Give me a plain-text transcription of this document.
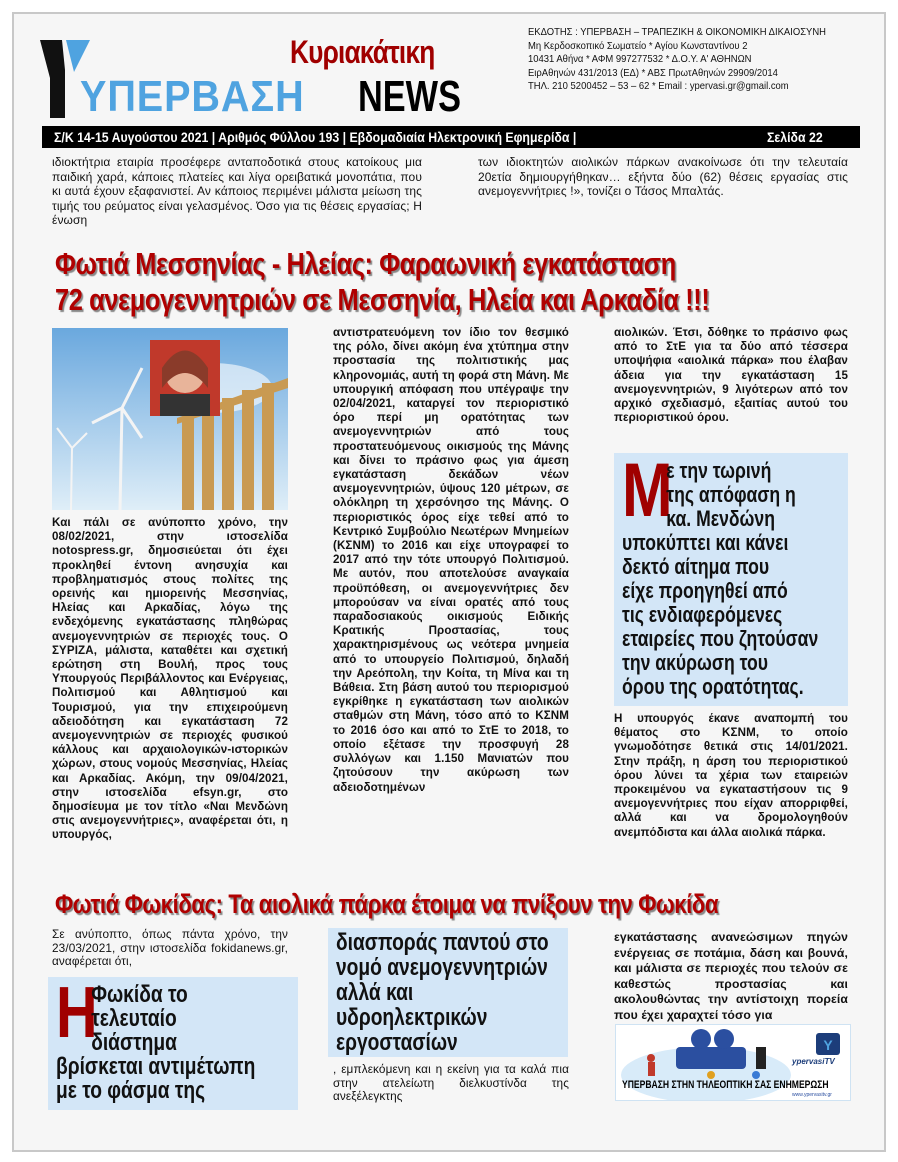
Κυριακάτικη
ΥΠΕΡΒΑΣΗ NEWS
ΕΚΔΟΤΗΣ : ΥΠΕΡΒΑΣΗ – ΤΡΑΠΕΖΙΚΗ & ΟΙΚΟΝΟΜΙΚΗ ΔΙΚΑΙΟΣΥΝΗ
Μη Κερδοσκοπικό Σωματείο * Αγίου Κωνσταντίνου 2
10431 Αθήνα * ΑΦΜ 997277532 * Δ.Ο.Υ. Α' ΑΘΗΝΩΝ
ΕιρΑθηνών 431/2013 (ΕΔ) * ΑΒΣ ΠρωτΑθηνών 29909/2014
ΤΗΛ. 210 5200452 – 53 – 62 * Email : ypervasi.gr@gmail.com
Σ/Κ 14-15 Αυγούστου 2021 | Αριθμός Φύλλου 193 | Εβδομαδιαία Ηλεκτρονική Εφημερίδα |	Σελίδα 22
ιδιοκτήτρια εταιρία προσέφερε ανταποδοτικά στους κατοίκους μια παιδική χαρά, κάποιες πλατείες και λίγα ορειβατικά μονοπάτια, που κι αυτά έχουν εξαφανιστεί. Αν κάποιος περιμένει μάλιστα μείωση της τιμής του ρεύματος είναι γελασμένος. Όσο για τις θέσεις εργασίας; Η ένωση
των ιδιοκτητών αιολικών πάρκων ανακοίνωσε ότι την τελευταία 20ετία δημιουργήθηκαν… εξήντα δύο (62) θέσεις εργασίας στις ανεμογεννήτριες !», τονίζει ο Τάσος Μπαλτάς.
Φωτιά Μεσσηνίας - Ηλείας: Φαραωνική εγκατάσταση
72 ανεμογεννητριών σε Μεσσηνία, Ηλεία και Αρκαδία !!!
Και πάλι σε ανύποπτο χρόνο, την 08/02/2021, στην ιστοσελίδα notospress.gr, δημοσιεύεται ότι έχει προκληθεί έντονη ανησυχία και προβληματισμός στους πολίτες της ορεινής και ημιορεινής Μεσσηνίας, Ηλείας και Αρκαδίας, λόγω της ενδεχόμενης εγκατάστασης πληθώρας ανεμογεννητριών σε περιοχές τους. Ο ΣΥΡΙΖΑ, μάλιστα, καταθέτει και σχετική ερώτηση στη Βουλή, προς τους Υπουργούς Περιβάλλοντος και Ενέργειας, Πολιτισμού και Αθλητισμού και Τουρισμού, για την επιχειρούμενη αδειοδότηση και εγκατάσταση 72 ανεμογεννητριών σε περιοχές φυσικού κάλλους και αρχαιολογικών-ιστορικών χώρων, στους νομούς Μεσσηνίας, Ηλείας και Αρκαδίας. Ακόμη, την 09/04/2021, στην ιστοσελίδα efsyn.gr, στο δημοσίευμα με τον τίτλο «Ναι Μενδώνη στις ανεμογεννήτριες», αναφέρεται ότι, η υπουργός,
αντιστρατευόμενη τον ίδιο τον θεσμικό της ρόλο, δίνει ακόμη ένα χτύπημα στην προστασία της πολιτιστικής μας κληρονομιάς, αυτή τη φορά στη Μάνη. Με υπουργική απόφαση που υπέγραψε την 02/04/2021, καταργεί τον περιοριστικό όρο περί μη ορατότητας των ανεμογεννητριών από τους προστατευόμενους οικισμούς της Μάνης και δίνει το πράσινο φως για άμεση εγκατάσταση δεκάδων νέων ανεμογεννητριών, ύψους 120 μέτρων, σε ολόκληρη τη χερσόνησο της Μάνης. Ο περιοριστικός όρος είχε τεθεί από το Κεντρικό Συμβούλιο Νεωτέρων Μνημείων (ΚΣΝΜ) το 2016 και είχε υπογραφεί το 2017 από την τότε υπουργό Πολιτισμού. Με αυτόν, που αποτελούσε αναγκαία προϋπόθεση, οι ανεμογεννήτριες δεν μπορούσαν να είναι ορατές από τους παραδοσιακούς οικισμούς Ειδικής Κρατικής Προστασίας, τους χαρακτηρισμένους ως νεότερα μνημεία από το υπουργείο Πολιτισμού, δηλαδή την Αρεόπολη, την Κοίτα, τη Μίνα και τη Βάθεια. Στη βάση αυτού του περιορισμού εγκρίθηκε η εγκατάσταση των αιολικών σταθμών στη Μάνη, τόσο από το ΚΣΝΜ το 2016 όσο και από το ΣτΕ το 2018, το οποίο εξέτασε την προσφυγή 28 συλλόγων και 1.150 Μανιατών που ζητούσουν την ακύρωση των αδειοδοτημένων
αιολικών. Έτσι, δόθηκε το πράσινο φως από το ΣτΕ για τα δύο από τέσσερα υποψήφια «αιολικά πάρκα» που έλαβαν άδεια για την εγκατάσταση 15 ανεμογεννητριών, 9 λιγότερων από τον αρχικό σχεδιασμό, εξαιτίας αυτού του περιοριστικού όρου.
Μ
ε την τωρινή
της απόφαση η
κα. Μενδώνη
υποκύπτει και κάνει
δεκτό αίτημα που
είχε προηγηθεί από
τις ενδιαφερόμενες
εταιρείες που ζητούσαν
την ακύρωση του
όρου της ορατότητας.
Η υπουργός έκανε αναπομπή του θέματος στο ΚΣΝΜ, το οποίο γνωμοδότησε θετικά στις 14/01/2021. Στην πράξη, η άρση του περιοριστικού όρου λύνει τα χέρια των εταιρειών προκειμένου να εγκαταστήσουν τις 9 ανεμογεννήτριες που είχαν απορριφθεί, αλλά και να δρομολογηθούν ανεμπόδιστα και άλλα αιολικά πάρκα.
Φωτιά Φωκίδας: Τα αιολικά πάρκα έτοιμα να πνίξουν την Φωκίδα
Σε ανύποπτο, όπως πάντα χρόνο, την 23/03/2021, στην ιστοσελίδα fokidanews.gr, αναφέρεται ότι,
Η
Φωκίδα το
τελευταίο
διάστημα
βρίσκεται αντιμέτωπη
με το φάσμα της
διασποράς παντού στο
νομό ανεμογεννητριών
αλλά και
υδροηλεκτρικών
εργοστασίων
, εμπλεκόμενη και η εκείνη για τα καλά πια στην ατελείωτη διελκυστίνδα της ανεξέλεγκτης
εγκατάστασης ανανεώσιμων πηγών ενέργειας σε ποτάμια, δάση και βουνά, και μάλιστα σε περιοχές που τελούν σε καθεστώς προστασίας και ακολουθώντας την αντίστοιχη πορεία που έχει χαραχτεί τόσο για
Y
ypervasiTV
ΥΠΕΡΒΑΣΗ ΣΤΗΝ ΤΗΛΕΟΠΤΙΚΗ ΣΑΣ ΕΝΗΜΕΡΩΣΗ
www.ypervasitv.gr
